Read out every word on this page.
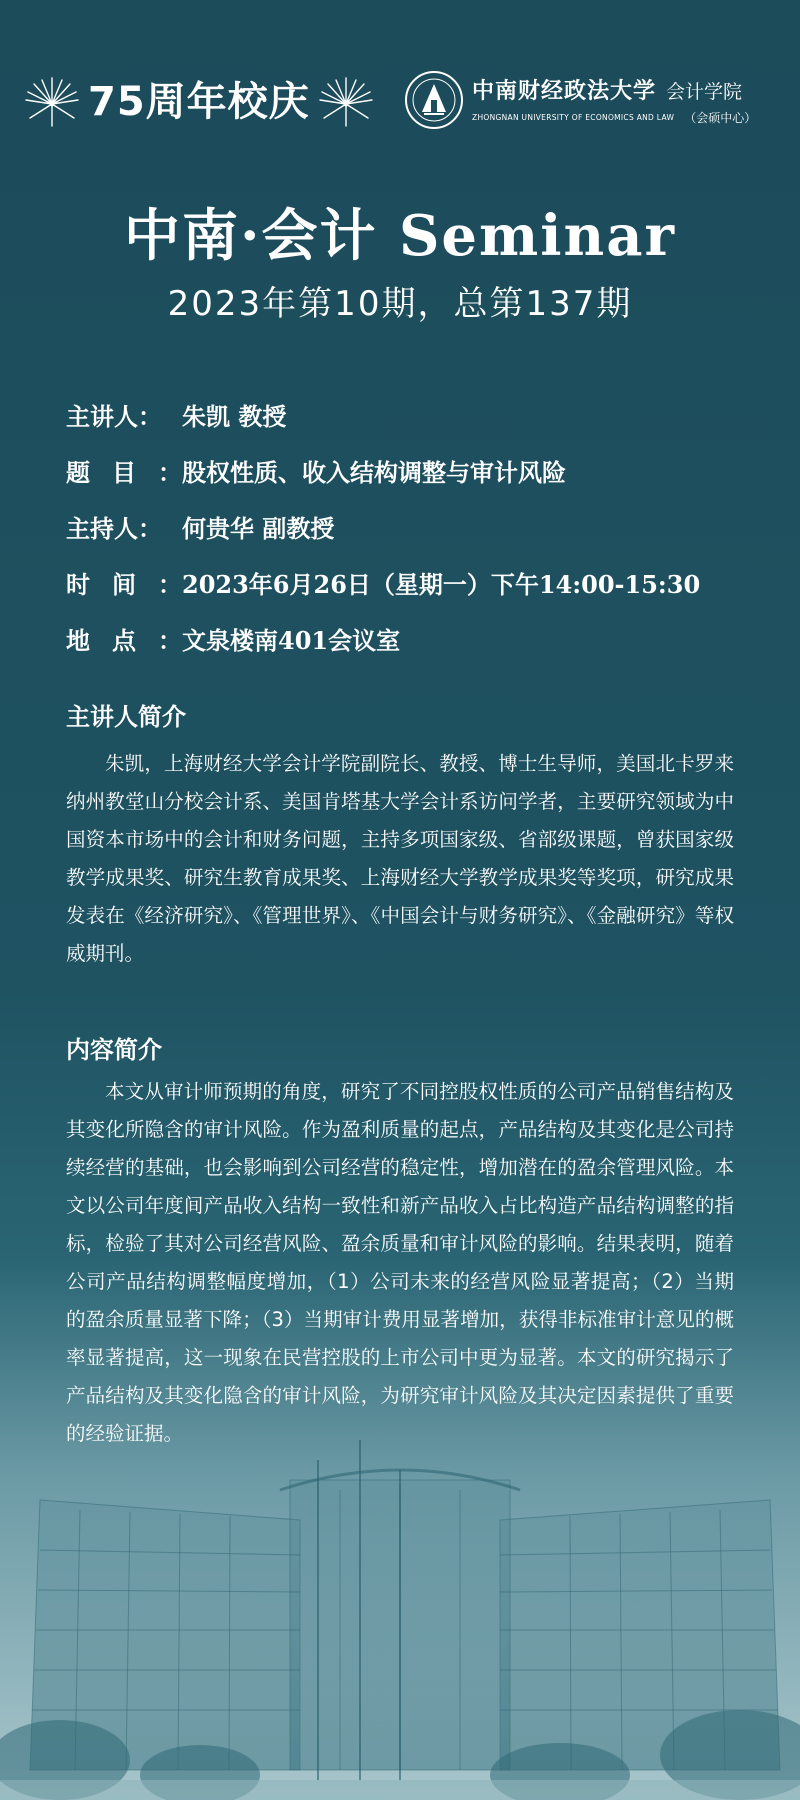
75周年校庆	中南财经政法大学 会计学院
ZHONGNAN UNIVERSITY OF ECONOMICS AND LAW （会硕中心）
中南·会计 Seminar
2023年第10期，总第137期
主讲人： 朱凯 教授
题目：
股权性质、收入结构调整与审计风险
主持人： 何贵华 副教授
时间：
2023年6月26日（星期一）下午14:00-15:30
地点：
文泉楼南401会议室
主讲人简介

朱凯，上海财经大学会计学院副院长、教授、博士生导师，美国北卡罗来纳州教堂山分校会计系、美国肯塔基大学会计系访问学者，主要研究领域为中国资本市场中的会计和财务问题，主持多项国家级、省部级课题，曾获国家级教学成果奖、研究生教育成果奖、上海财经大学教学成果奖等奖项，研究成果发表在《经济研究》、《管理世界》、《中国会计与财务研究》、《金融研究》等权威期刊。

内容简介

本文从审计师预期的角度，研究了不同控股权性质的公司产品销售结构及其变化所隐含的审计风险。作为盈利质量的起点，产品结构及其变化是公司持续经营的基础，也会影响到公司经营的稳定性，增加潜在的盈余管理风险。本文以公司年度间产品收入结构一致性和新产品收入占比构造产品结构调整的指标，检验了其对公司经营风险、盈余质量和审计风险的影响。结果表明，随着公司产品结构调整幅度增加，（1）公司未来的经营风险显著提高；（2）当期的盈余质量显著下降；（3）当期审计费用显著增加，获得非标准审计意见的概率显著提高，这一现象在民营控股的上市公司中更为显著。本文的研究揭示了产品结构及其变化隐含的审计风险，为研究审计风险及其决定因素提供了重要的经验证据。
